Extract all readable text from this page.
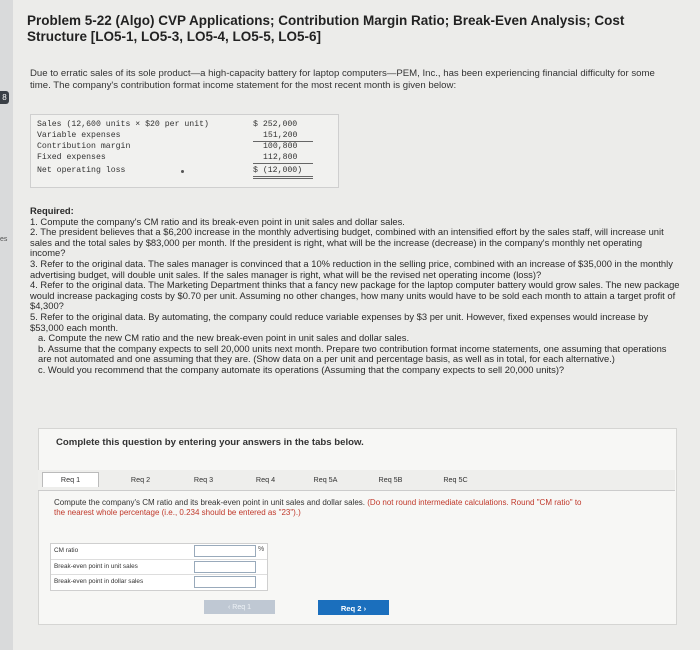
8
es
Problem 5-22 (Algo) CVP Applications; Contribution Margin Ratio; Break-Even Analysis; Cost Structure [LO5-1, LO5-3, LO5-4, LO5-5, LO5-6]
Due to erratic sales of its sole product—a high-capacity battery for laptop computers—PEM, Inc., has been experiencing financial difficulty for some time. The company's contribution format income statement for the most recent month is given below:
Sales (12,600 units × $20 per unit)	$ 252,000
Variable expenses	151,200
Contribution margin	100,800
Fixed expenses	112,800
Net operating loss	$ (12,000)

Required:

1. Compute the company's CM ratio and its break-even point in unit sales and dollar sales.

2. The president believes that a $6,200 increase in the monthly advertising budget, combined with an intensified effort by the sales staff, will increase unit sales and the total sales by $83,000 per month. If the president is right, what will be the increase (decrease) in the company's monthly net operating income?

3. Refer to the original data. The sales manager is convinced that a 10% reduction in the selling price, combined with an increase of $35,000 in the monthly advertising budget, will double unit sales. If the sales manager is right, what will be the revised net operating income (loss)?

4. Refer to the original data. The Marketing Department thinks that a fancy new package for the laptop computer battery would grow sales. The new package would increase packaging costs by $0.70 per unit. Assuming no other changes, how many units would have to be sold each month to attain a target profit of $4,300?

5. Refer to the original data. By automating, the company could reduce variable expenses by $3 per unit. However, fixed expenses would increase by $53,000 each month.

a. Compute the new CM ratio and the new break-even point in unit sales and dollar sales.

b. Assume that the company expects to sell 20,000 units next month. Prepare two contribution format income statements, one assuming that operations are not automated and one assuming that they are. (Show data on a per unit and percentage basis, as well as in total, for each alternative.)

c. Would you recommend that the company automate its operations (Assuming that the company expects to sell 20,000 units)?

Complete this question by entering your answers in the tabs below.
Req 1	Req 2	Req 3	Req 4	Req 5A	Req 5B	Req 5C
Compute the company's CM ratio and its break-even point in unit sales and dollar sales. (Do not round intermediate calculations. Round "CM ratio" to the nearest whole percentage (i.e., 0.234 should be entered as "23").)
CM ratio	%
Break-even point in unit sales
Break-even point in dollar sales
‹ Req 1	Req 2 ›
